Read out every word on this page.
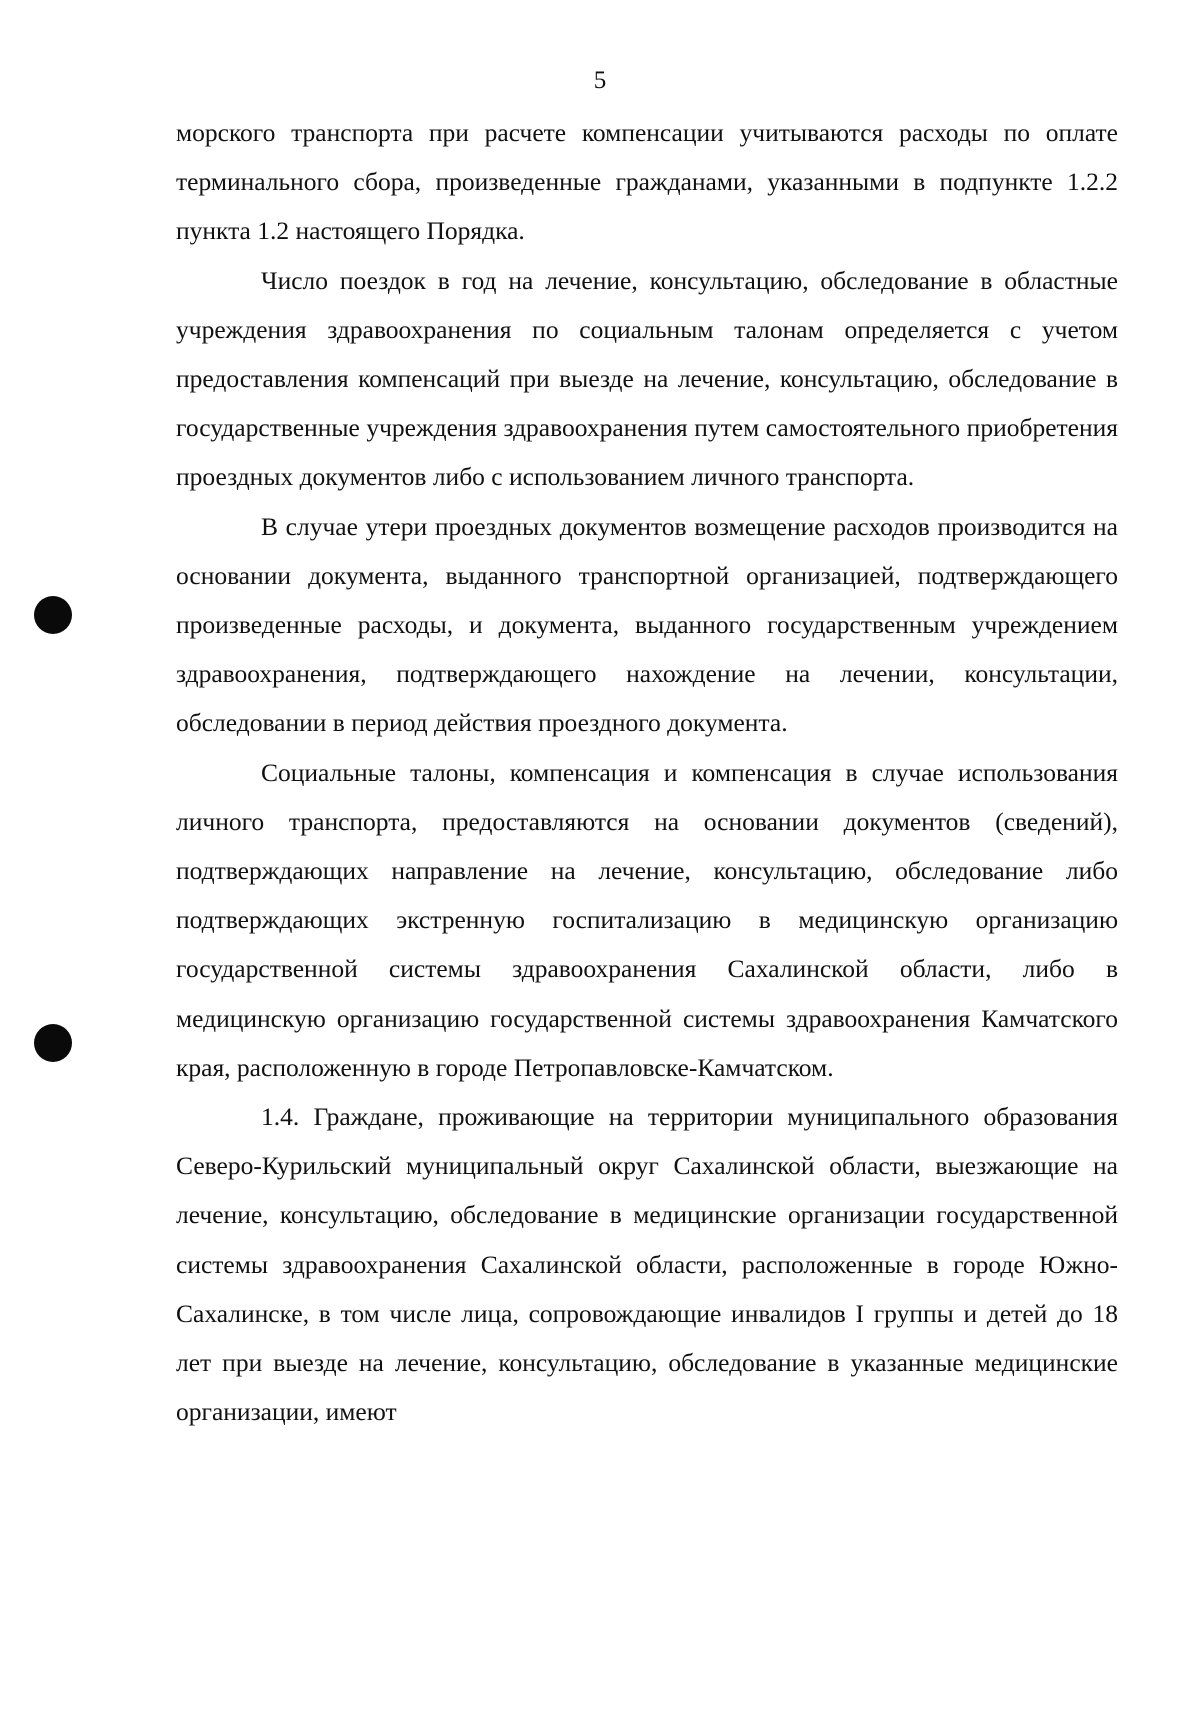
5

морского транспорта при расчете компенсации учитываются расходы по оплате терминального сбора, произведенные гражданами, указанными в подпункте 1.2.2 пункта 1.2 настоящего Порядка.

Число поездок в год на лечение, консультацию, обследование в областные учреждения здравоохранения по социальным талонам определяется с учетом предоставления компенсаций при выезде на лечение, консультацию, обследование в государственные учреждения здравоохранения путем самостоятельного приобретения проездных документов либо с использованием личного транспорта.

В случае утери проездных документов возмещение расходов производится на основании документа, выданного транспортной организацией, подтверждающего произведенные расходы, и документа, выданного государственным учреждением здравоохранения, подтверждающего нахождение на лечении, консультации, обследовании в период действия проездного документа.

Социальные талоны, компенсация и компенсация в случае использования личного транспорта, предоставляются на основании документов (сведений), подтверждающих направление на лечение, консультацию, обследование либо подтверждающих экстренную госпитализацию в медицинскую организацию государственной системы здравоохранения Сахалинской области, либо в медицинскую организацию государственной системы здравоохранения Камчатского края, расположенную в городе Петропавловске-Камчатском.

1.4. Граждане, проживающие на территории муниципального образования Северо-Курильский муниципальный округ Сахалинской области, выезжающие на лечение, консультацию, обследование в медицинские организации государственной системы здравоохранения Сахалинской области, расположенные в городе Южно-Сахалинске, в том числе лица, сопровождающие инвалидов I группы и детей до 18 лет при выезде на лечение, консультацию, обследование в указанные медицинские организации, имеют
